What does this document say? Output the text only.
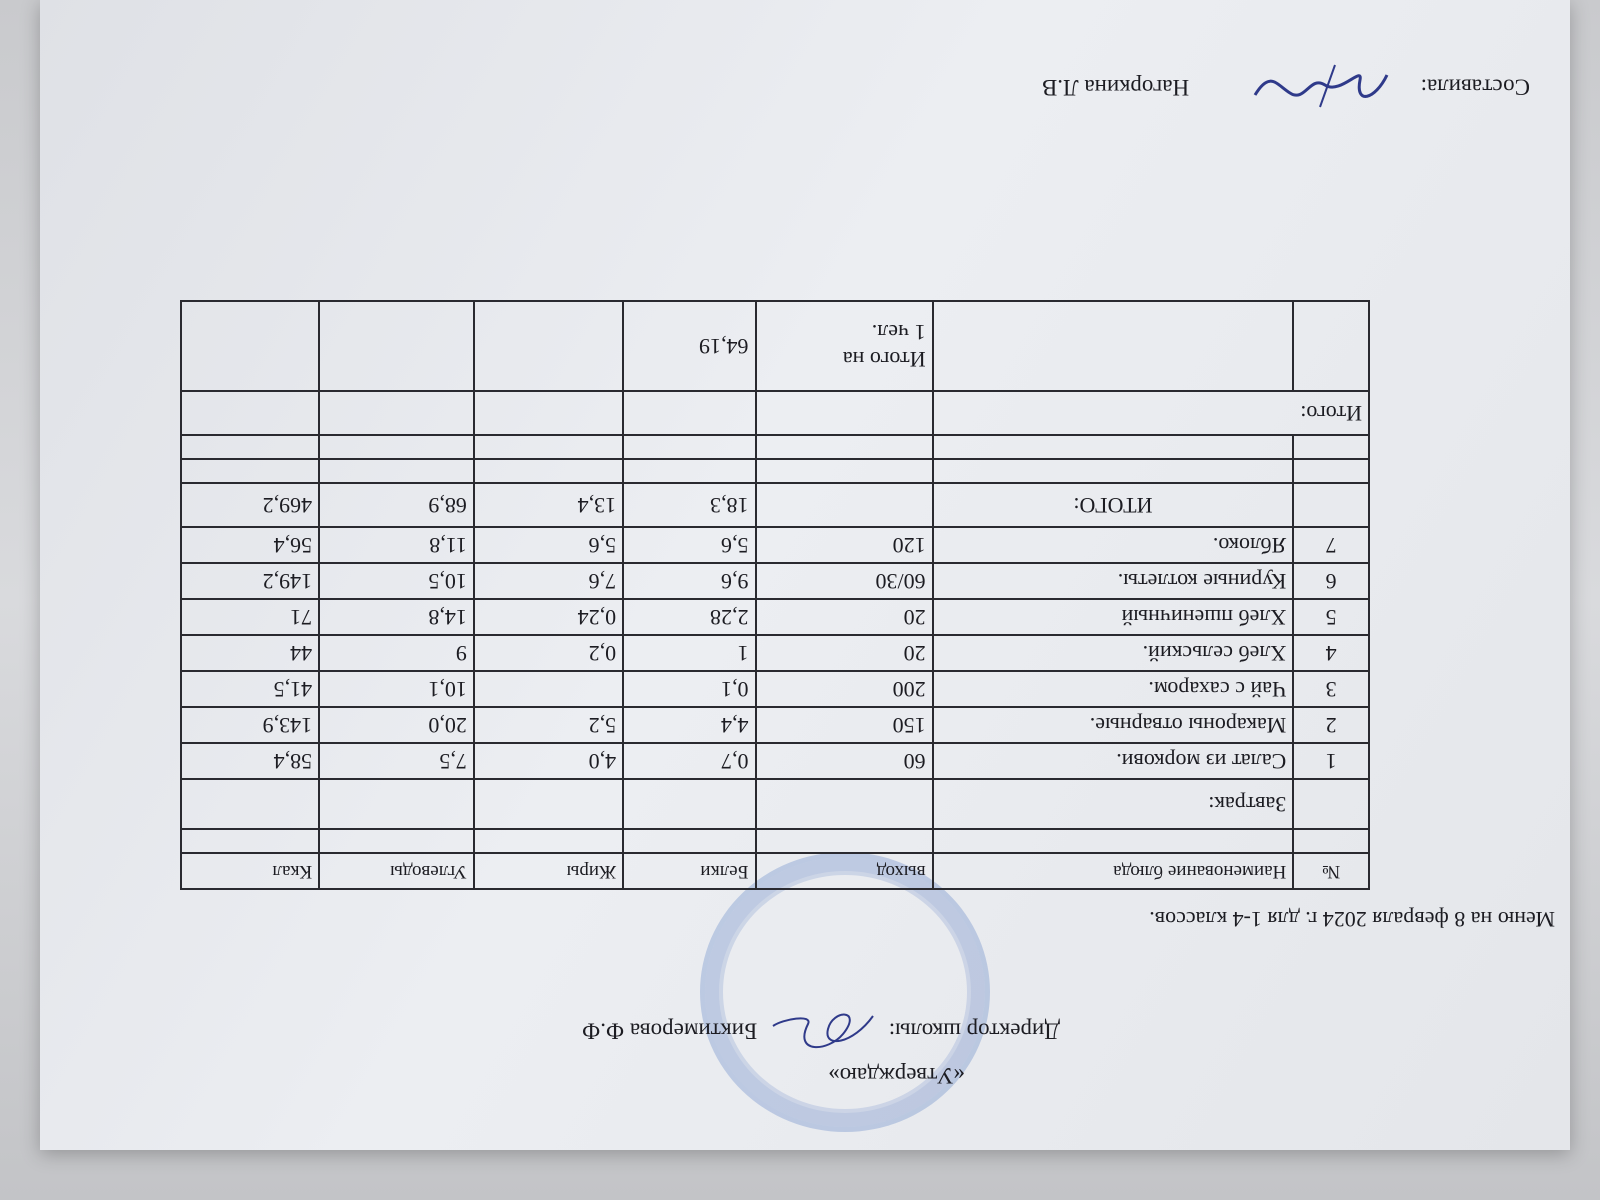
«Утверждаю»
Директор школы:  Биктимерова Ф.Ф
Меню на 8 февраля 2024 г. для 1-4 классов.
№	Наименование блюда	выход	Белки	Жиры	Углеводы	Ккал

	Завтрак:					
1	Салат из моркови.	60	0,7	4,0	7,5	58,4
2	Макароны отварные.	150	4,4	5,2	20,0	143,9
3	Чай с сахаром.	200	0,1		10,1	41,5
4	Хлеб сельский.	20	1	0,2	9	44
5	Хлеб пшеничный	20	2,28	0,24	14,8	71
6	Куриные котлеты.	60/30	9,6	7,6	10,5	149,2
7	Яблоко.	120	5,6	5,6	11,8	56,4
	ИТОГО:		18,3	13,4	68,9	469,2

Итого:						

		Итого на
1 чел.	64,19			
Составила:  Нагоркина Л.В
